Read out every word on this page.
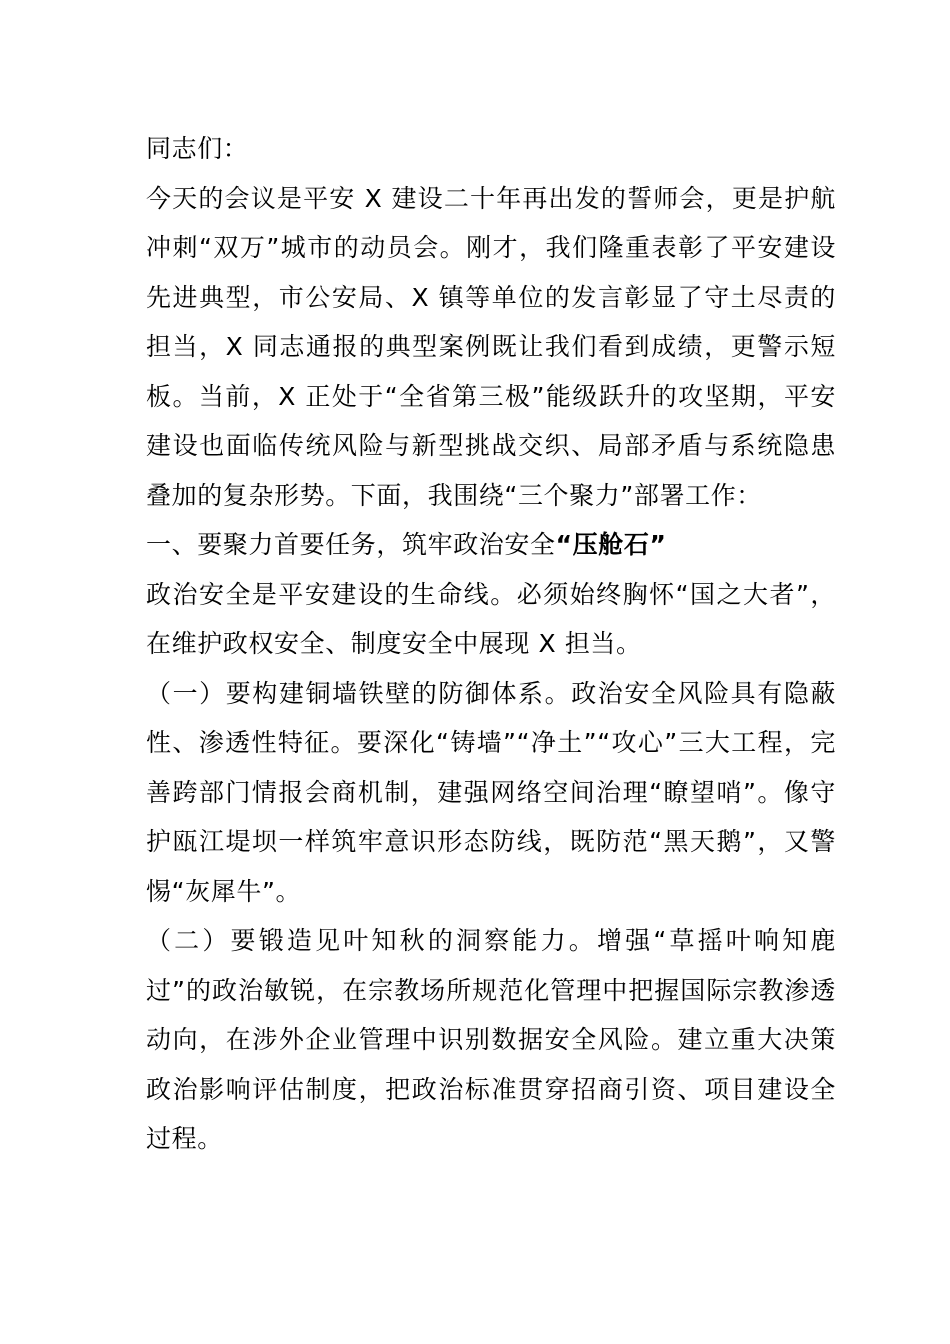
同志们：

今天的会议是平安 X 建设二十年再出发的誓师会，更是护航冲刺“双万”城市的动员会。刚才，我们隆重表彰了平安建设先进典型，市公安局、X 镇等单位的发言彰显了守土尽责的担当，X 同志通报的典型案例既让我们看到成绩，更警示短板。当前，X 正处于“全省第三极”能级跃升的攻坚期，平安建设也面临传统风险与新型挑战交织、局部矛盾与系统隐患叠加的复杂形势。下面，我围绕“三个聚力”部署工作：

一、要聚力首要任务，筑牢政治安全“压舱石”

政治安全是平安建设的生命线。必须始终胸怀“国之大者”，在维护政权安全、制度安全中展现 X 担当。

（一）要构建铜墙铁壁的防御体系。政治安全风险具有隐蔽性、渗透性特征。要深化“铸墙”“净土”“攻心”三大工程，完善跨部门情报会商机制，建强网络空间治理“瞭望哨”。像守护瓯江堤坝一样筑牢意识形态防线，既防范“黑天鹅”，又警惕“灰犀牛”。

（二）要锻造见叶知秋的洞察能力。增强“草摇叶响知鹿过”的政治敏锐，在宗教场所规范化管理中把握国际宗教渗透动向，在涉外企业管理中识别数据安全风险。建立重大决策政治影响评估制度，把政治标准贯穿招商引资、项目建设全过程。
